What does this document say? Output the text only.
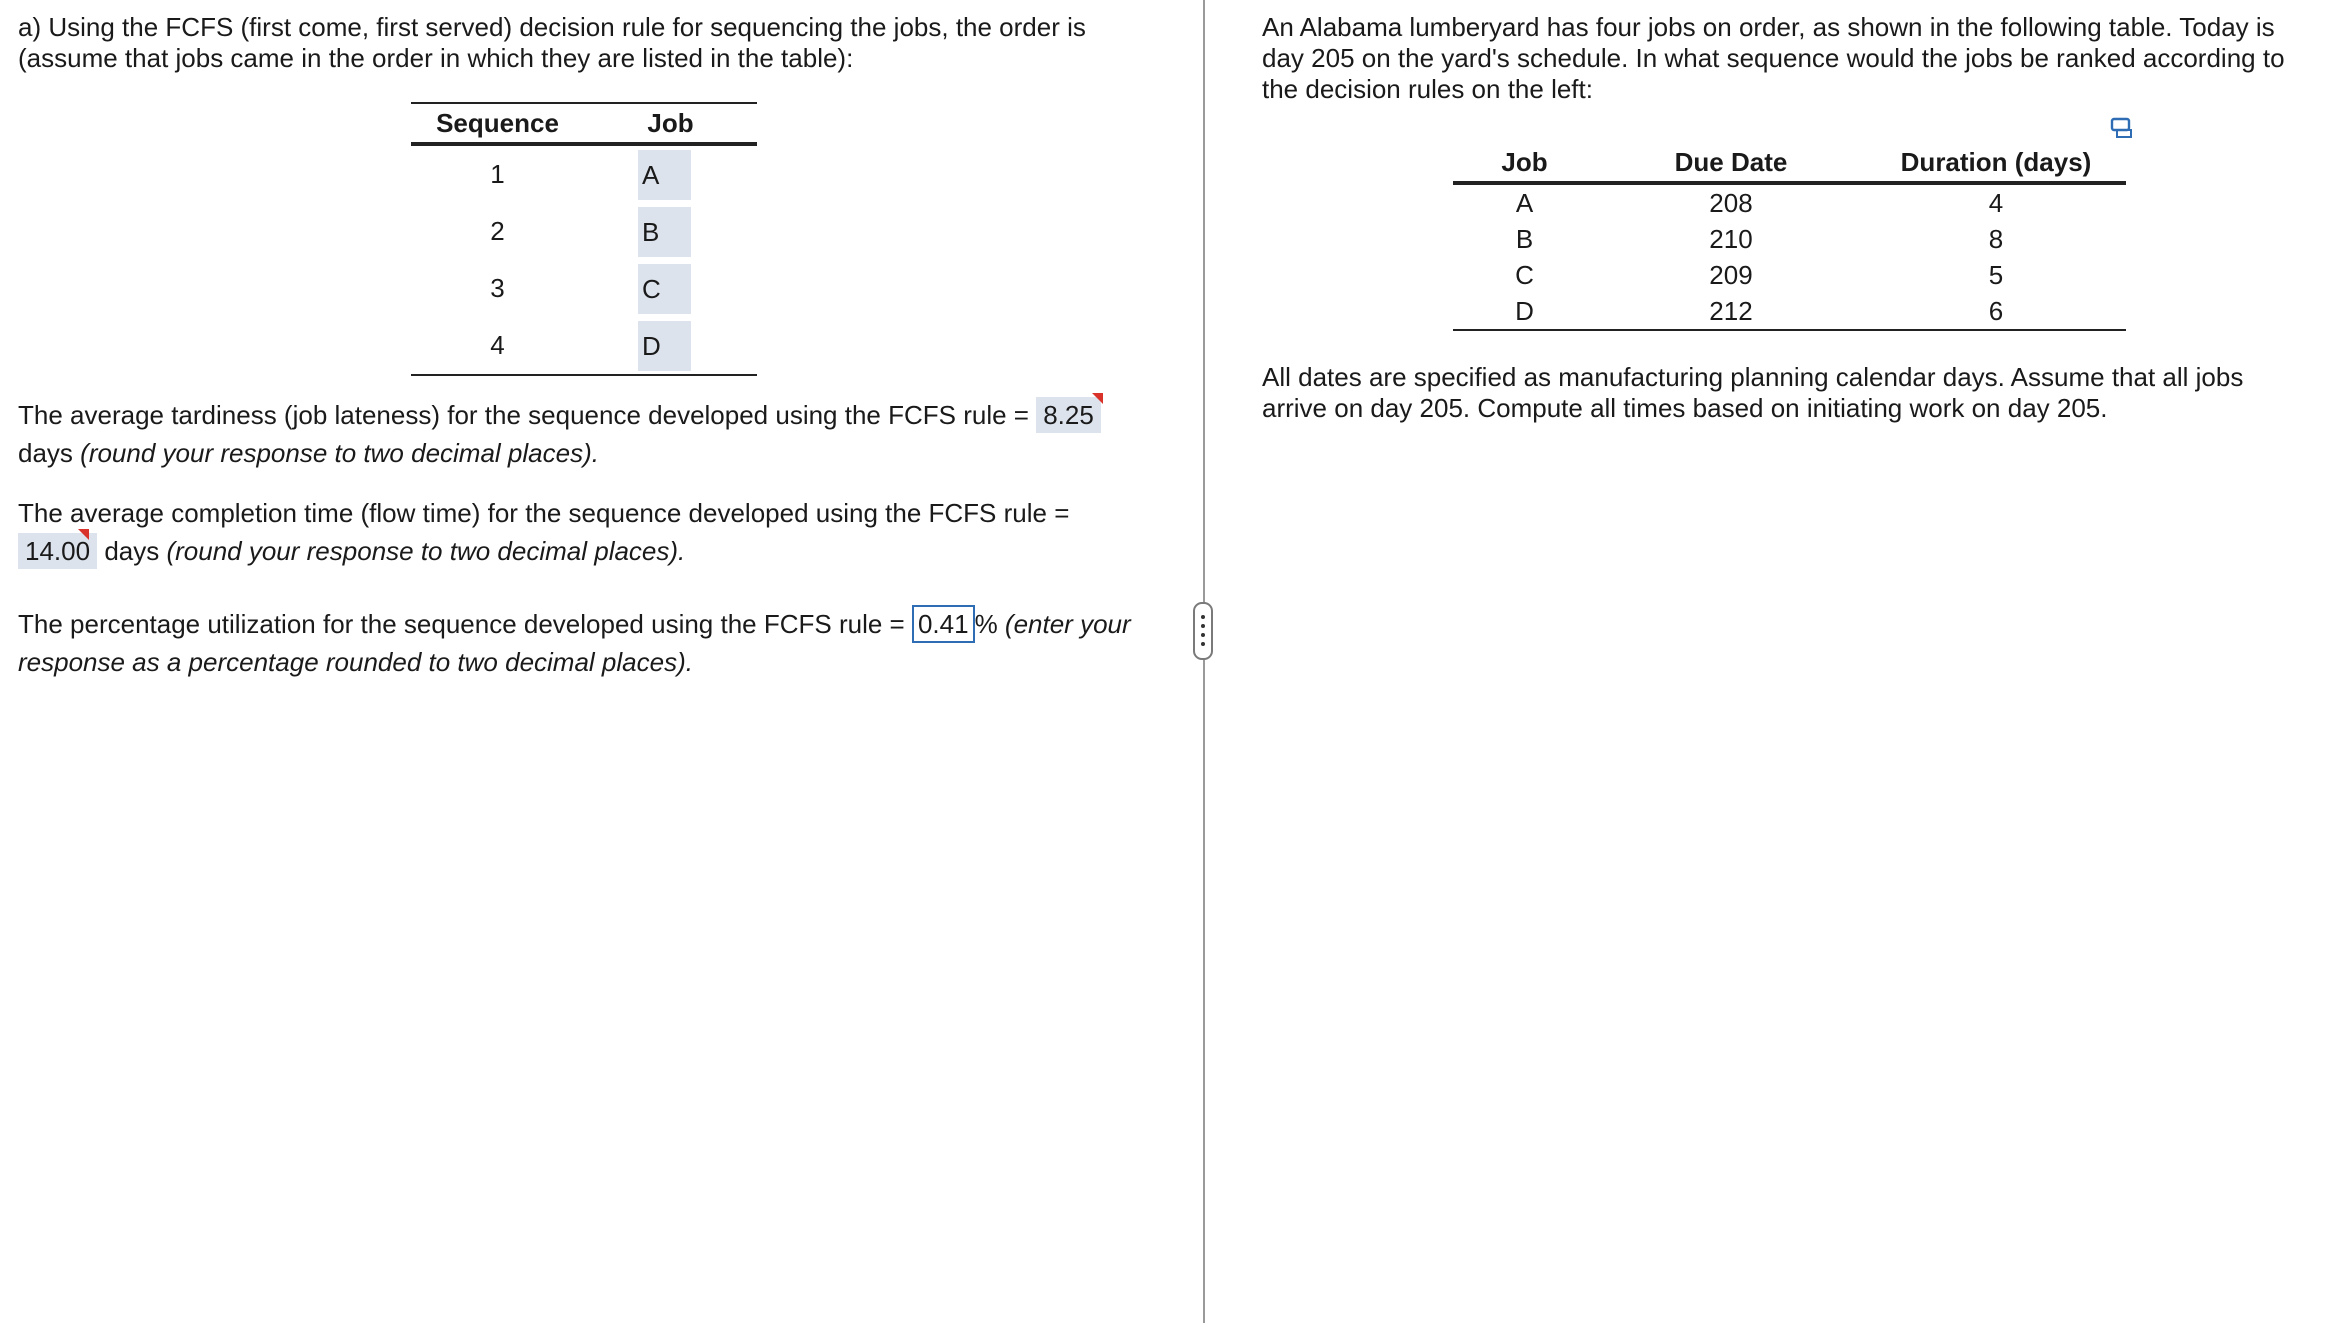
a) Using the FCFS (first come, first served) decision rule for sequencing the jobs, the order is (assume that jobs came in the order in which they are listed in the table):

Sequence	Job
1	A
2	B
3	C
4	D

The average tardiness (job lateness) for the sequence developed using the FCFS rule = 8.25

days (round your response to two decimal places).

The average completion time (flow time) for the sequence developed using the FCFS rule =
14.00 days (round your response to two decimal places).

The percentage utilization for the sequence developed using the FCFS rule = 0.41 % (enter your response as a percentage rounded to two decimal places).

An Alabama lumberyard has four jobs on order, as shown in the following table. Today is day 205 on the yard's schedule. In what sequence would the jobs be ranked according to the decision rules on the left:

Job	Due Date	Duration (days)
A	208	4
B	210	8
C	209	5
D	212	6

All dates are specified as manufacturing planning calendar days. Assume that all jobs arrive on day 205. Compute all times based on initiating work on day 205.
